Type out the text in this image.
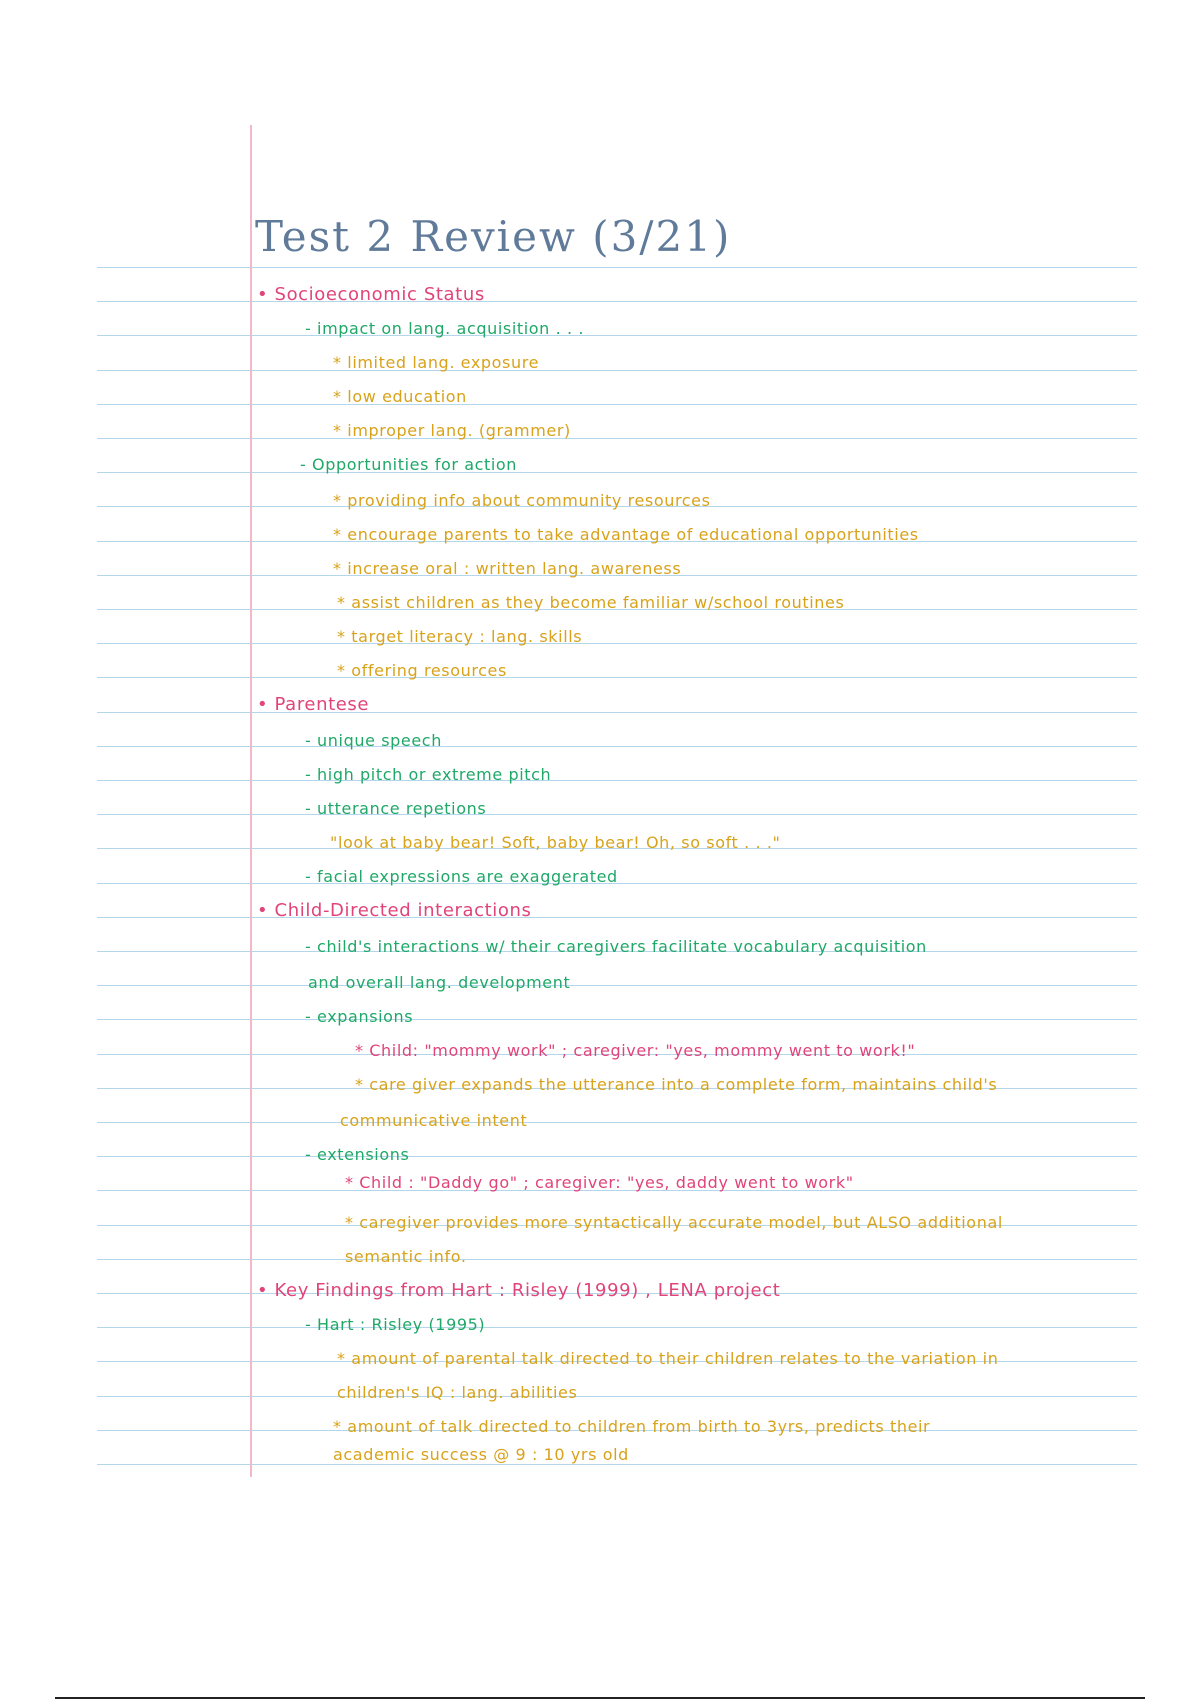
Test 2 Review (3/21)
• Socioeconomic Status
- impact on lang. acquisition . . .
* limited lang. exposure
* low education
* improper lang. (grammer)
- Opportunities for action
* providing info about community resources
* encourage parents to take advantage of educational opportunities
* increase oral : written lang. awareness
* assist children as they become familiar w/school routines
* target literacy : lang. skills
* offering resources
• Parentese
- unique speech
- high pitch or extreme pitch
- utterance repetions
"look at baby bear! Soft, baby bear! Oh, so soft . . ."
- facial expressions are exaggerated
• Child-Directed interactions
- child's interactions w/ their caregivers facilitate vocabulary acquisition
and overall lang. development
- expansions
* Child: "mommy work" ; caregiver: "yes, mommy went to work!"
* care giver expands the utterance into a complete form, maintains child's
communicative intent
- extensions
* Child : "Daddy go" ; caregiver: "yes, daddy went to work"
* caregiver provides more syntactically accurate model, but ALSO additional
semantic info.
• Key Findings from Hart : Risley (1999) , LENA project
- Hart : Risley (1995)
* amount of parental talk directed to their children relates to the variation in
children's IQ : lang. abilities
* amount of talk directed to children from birth to 3yrs, predicts their
academic success @ 9 : 10 yrs old
